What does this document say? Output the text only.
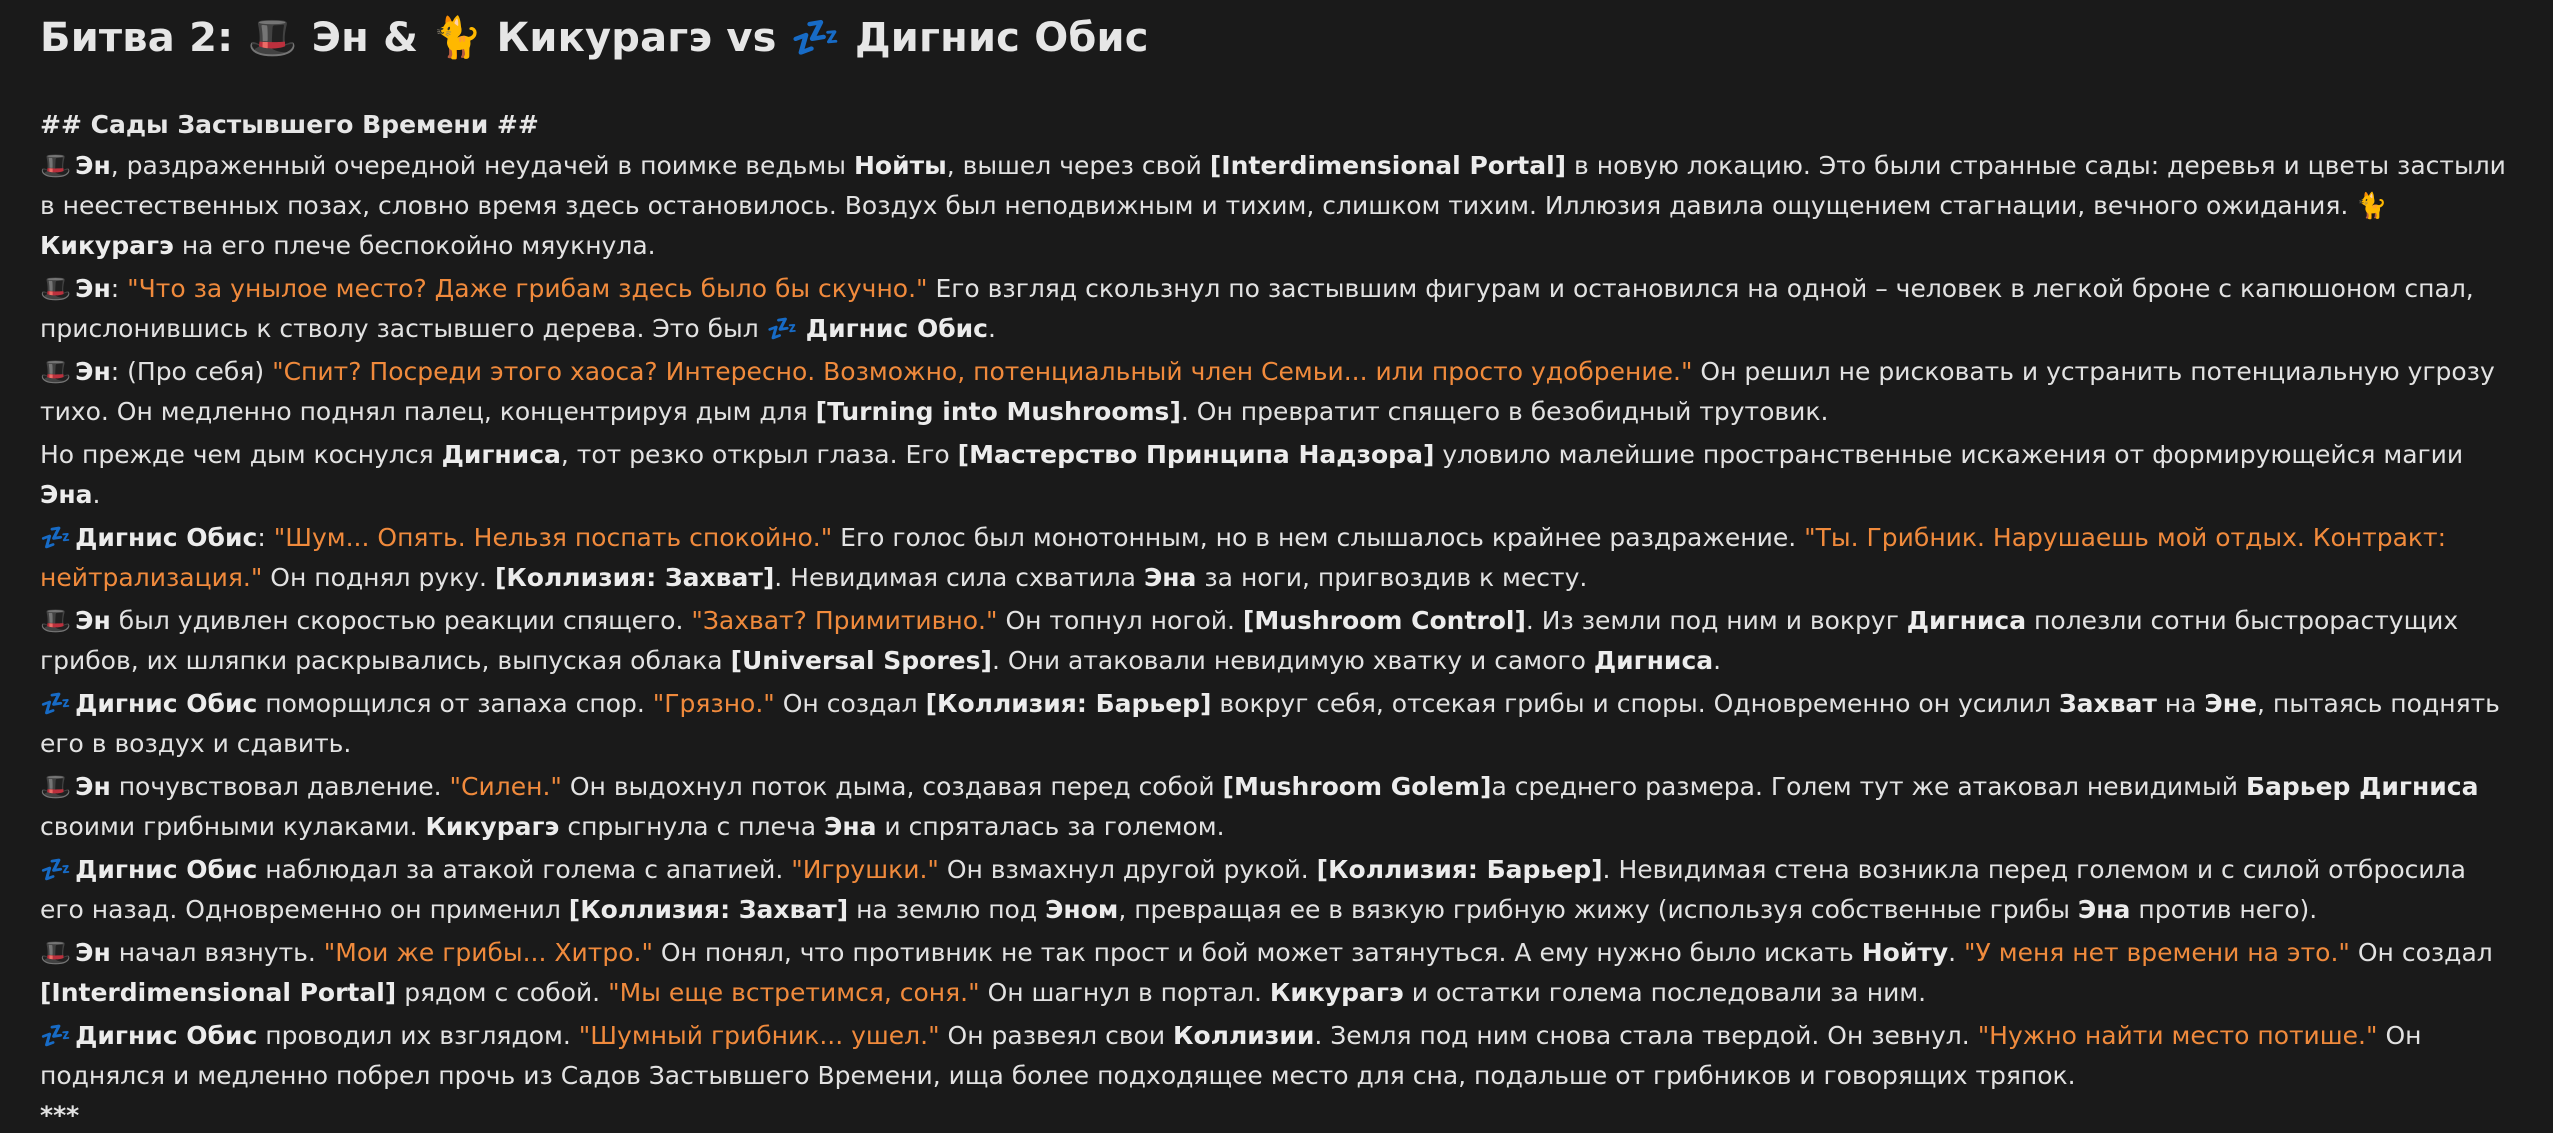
Битва 2: 🎩 Эн & 🐈 Кикурагэ vs 💤 Дигнис Обис
## Сады Застывшего Времени ##
🎩 Эн, раздраженный очередной неудачей в поимке ведьмы Нойты, вышел через свой [Interdimensional Portal] в новую локацию. Это были странные сады: деревья и цветы застыли в неестественных позах, словно время здесь остановилось. Воздух был неподвижным и тихим, слишком тихим. Иллюзия давила ощущением стагнации, вечного ожидания. 🐈 Кикурагэ на его плече беспокойно мяукнула.
🎩 Эн: "Что за унылое место? Даже грибам здесь было бы скучно." Его взгляд скользнул по застывшим фигурам и остановился на одной – человек в легкой броне с капюшоном спал, прислонившись к стволу застывшего дерева. Это был 💤 Дигнис Обис.
🎩 Эн: (Про себя) "Спит? Посреди этого хаоса? Интересно. Возможно, потенциальный член Семьи... или просто удобрение." Он решил не рисковать и устранить потенциальную угрозу тихо. Он медленно поднял палец, концентрируя дым для [Turning into Mushrooms]. Он превратит спящего в безобидный трутовик.
Но прежде чем дым коснулся Дигниса, тот резко открыл глаза. Его [Мастерство Принципа Надзора] уловило малейшие пространственные искажения от формирующейся магии Эна.
💤 Дигнис Обис: "Шум... Опять. Нельзя поспать спокойно." Его голос был монотонным, но в нем слышалось крайнее раздражение. "Ты. Грибник. Нарушаешь мой отдых. Контракт: нейтрализация." Он поднял руку. [Коллизия: Захват]. Невидимая сила схватила Эна за ноги, пригвоздив к месту.
🎩 Эн был удивлен скоростью реакции спящего. "Захват? Примитивно." Он топнул ногой. [Mushroom Control]. Из земли под ним и вокруг Дигниса полезли сотни быстрорастущих грибов, их шляпки раскрывались, выпуская облака [Universal Spores]. Они атаковали невидимую хватку и самого Дигниса.
💤 Дигнис Обис поморщился от запаха спор. "Грязно." Он создал [Коллизия: Барьер] вокруг себя, отсекая грибы и споры. Одновременно он усилил Захват на Эне, пытаясь поднять его в воздух и сдавить.
🎩 Эн почувствовал давление. "Силен." Он выдохнул поток дыма, создавая перед собой [Mushroom Golem]а среднего размера. Голем тут же атаковал невидимый Барьер Дигниса своими грибными кулаками. Кикурагэ спрыгнула с плеча Эна и спряталась за големом.
💤 Дигнис Обис наблюдал за атакой голема с апатией. "Игрушки." Он взмахнул другой рукой. [Коллизия: Барьер]. Невидимая стена возникла перед големом и с силой отбросила его назад. Одновременно он применил [Коллизия: Захват] на землю под Эном, превращая ее в вязкую грибную жижу (используя собственные грибы Эна против него).
🎩 Эн начал вязнуть. "Мои же грибы... Хитро." Он понял, что противник не так прост и бой может затянуться. А ему нужно было искать Нойту. "У меня нет времени на это." Он создал [Interdimensional Portal] рядом с собой. "Мы еще встретимся, соня." Он шагнул в портал. Кикурагэ и остатки голема последовали за ним.
💤 Дигнис Обис проводил их взглядом. "Шумный грибник... ушел." Он развеял свои Коллизии. Земля под ним снова стала твердой. Он зевнул. "Нужно найти место потише." Он поднялся и медленно побрел прочь из Садов Застывшего Времени, ища более подходящее место для сна, подальше от грибников и говорящих тряпок.
***
